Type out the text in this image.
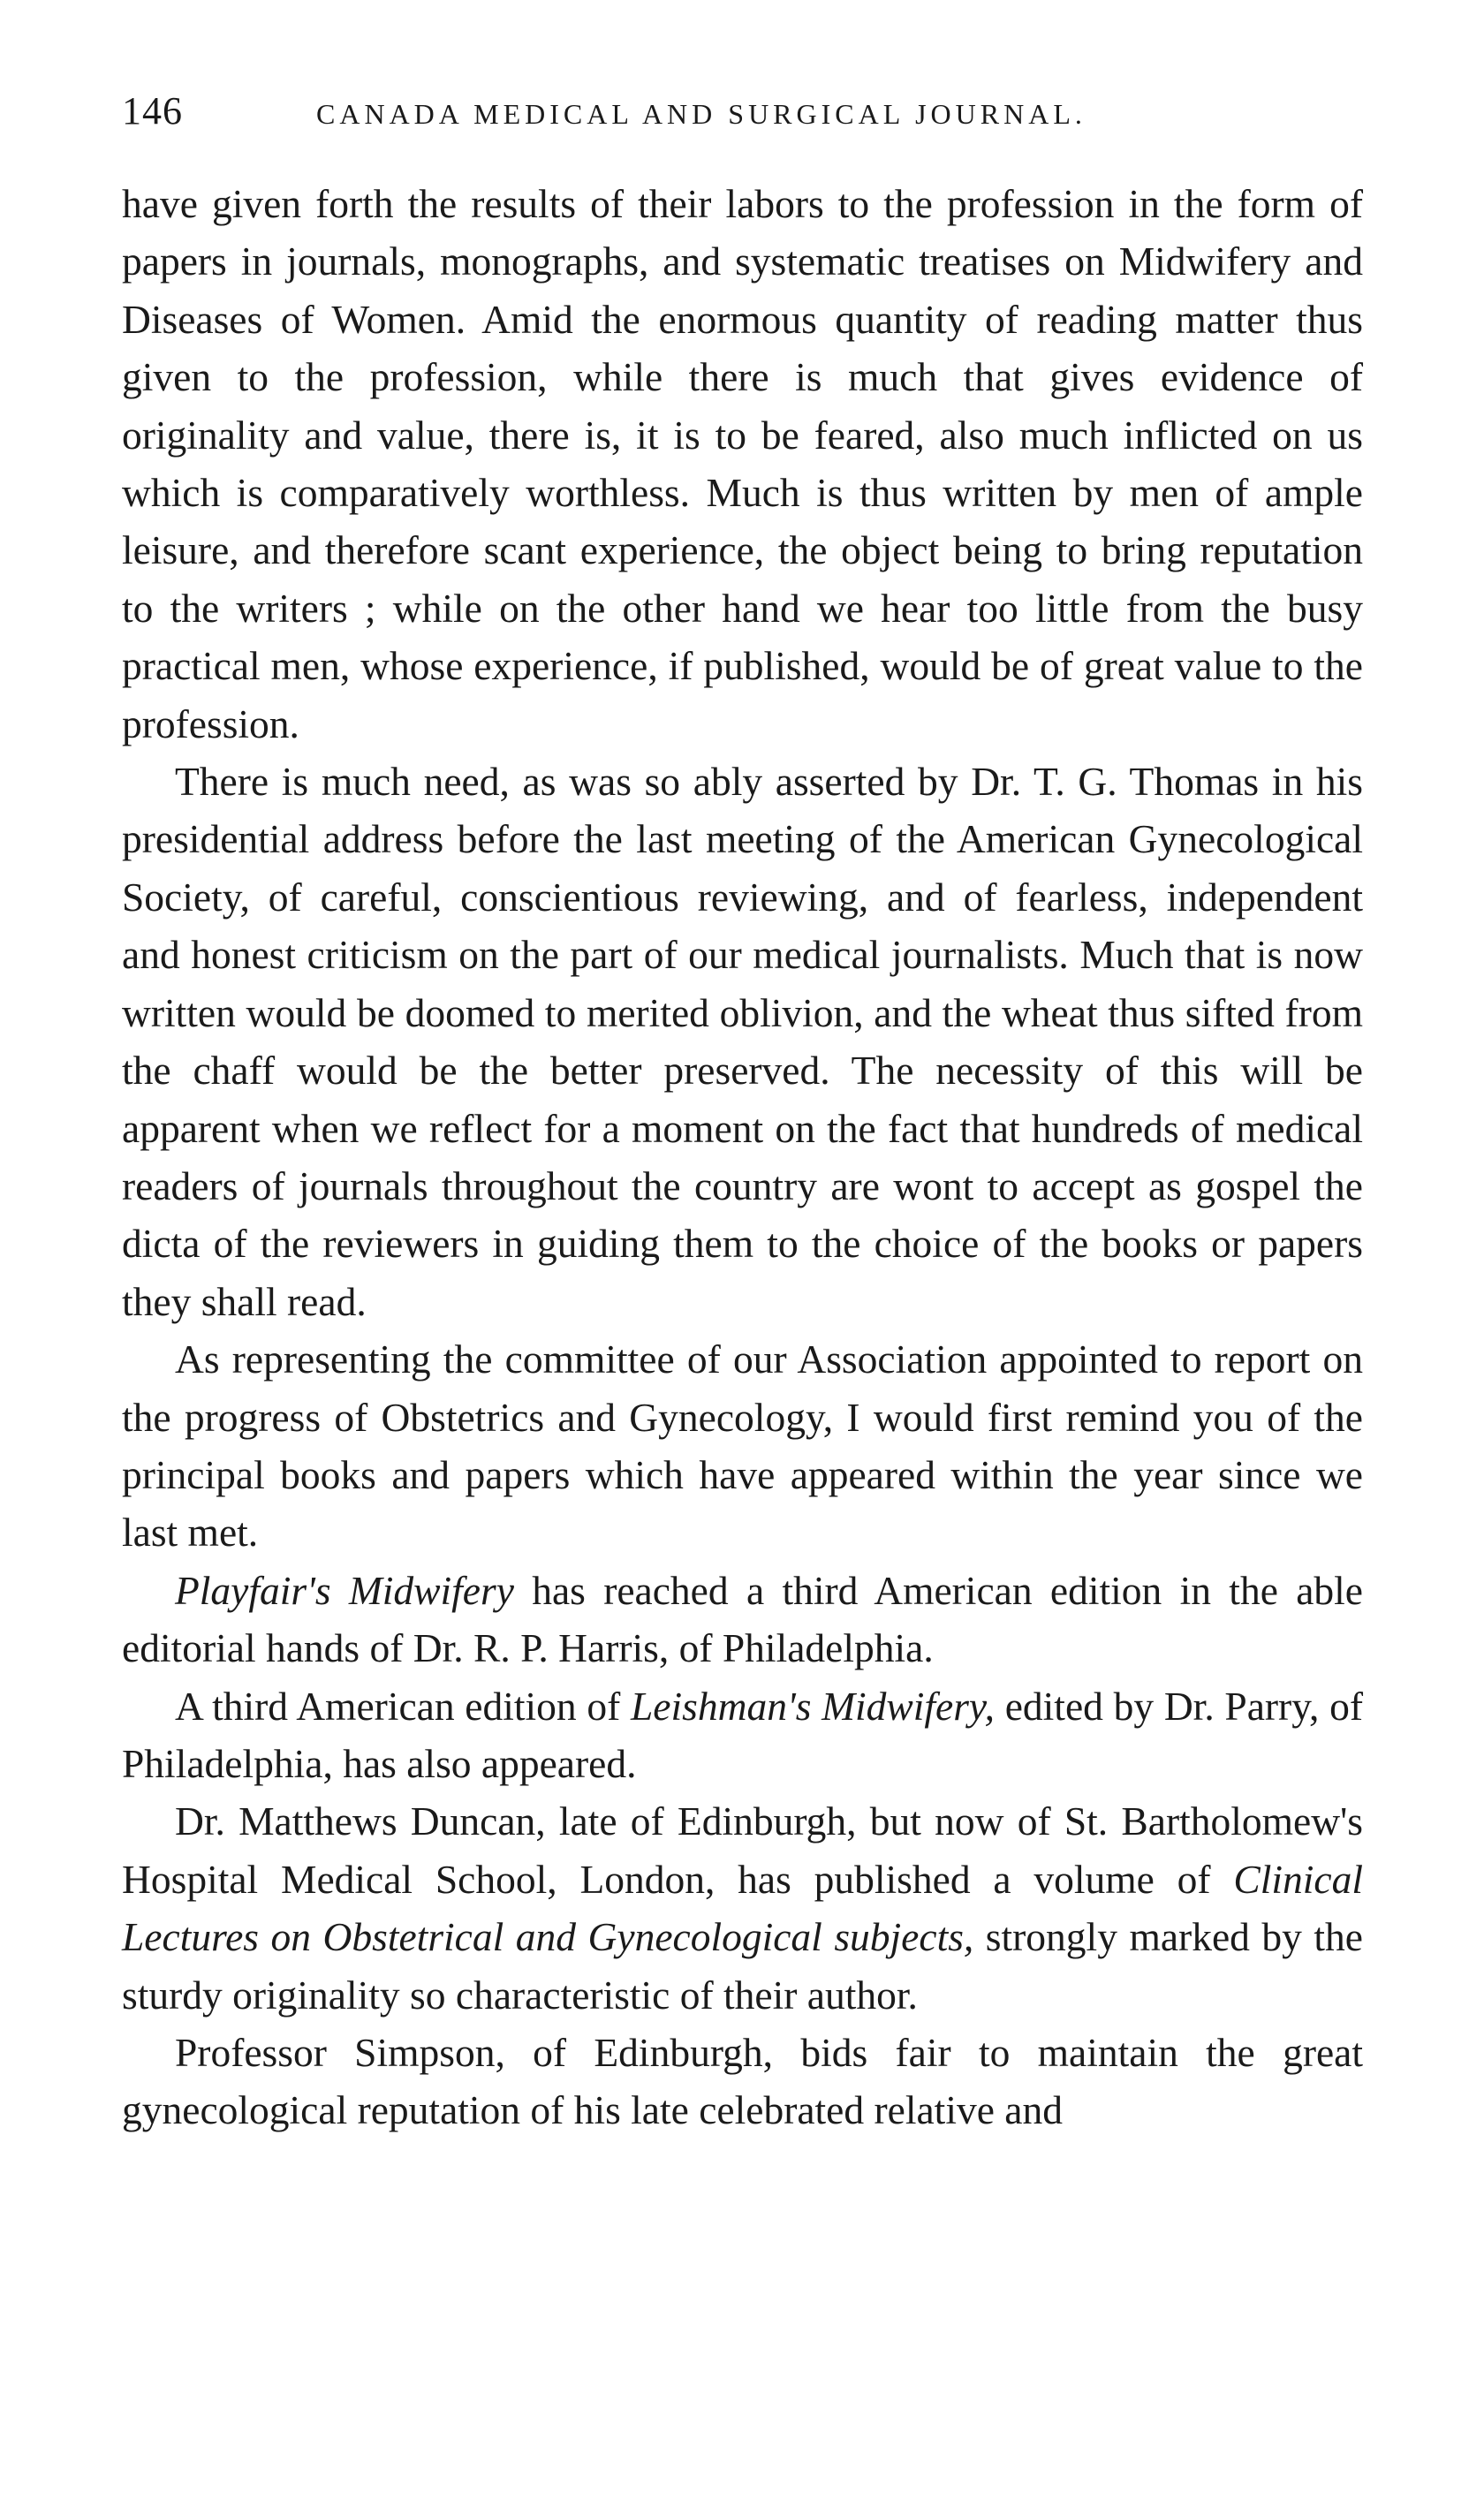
146	CANADA MEDICAL AND SURGICAL JOURNAL.

have given forth the results of their labors to the profession in the form of papers in journals, monographs, and systematic treatises on Midwifery and Diseases of Women. Amid the enormous quantity of reading matter thus given to the profession, while there is much that gives evidence of originality and value, there is, it is to be feared, also much inflicted on us which is comparatively worthless. Much is thus written by men of ample leisure, and therefore scant experience, the object being to bring reputation to the writers ; while on the other hand we hear too little from the busy practical men, whose experience, if published, would be of great value to the profession.

There is much need, as was so ably asserted by Dr. T. G. Thomas in his presidential address before the last meeting of the American Gynecological Society, of careful, conscientious reviewing, and of fearless, independent and honest criticism on the part of our medical journalists. Much that is now written would be doomed to merited oblivion, and the wheat thus sifted from the chaff would be the better preserved. The necessity of this will be apparent when we reflect for a moment on the fact that hundreds of medical readers of journals throughout the country are wont to accept as gospel the dicta of the reviewers in guiding them to the choice of the books or papers they shall read.

As representing the committee of our Association appointed to report on the progress of Obstetrics and Gynecology, I would first remind you of the principal books and papers which have appeared within the year since we last met.

Playfair's Midwifery has reached a third American edition in the able editorial hands of Dr. R. P. Harris, of Philadelphia.

A third American edition of Leishman's Midwifery, edited by Dr. Parry, of Philadelphia, has also appeared.

Dr. Matthews Duncan, late of Edinburgh, but now of St. Bartholomew's Hospital Medical School, London, has published a volume of Clinical Lectures on Obstetrical and Gynecological subjects, strongly marked by the sturdy originality so characteristic of their author.

Professor Simpson, of Edinburgh, bids fair to maintain the great gynecological reputation of his late celebrated relative and
